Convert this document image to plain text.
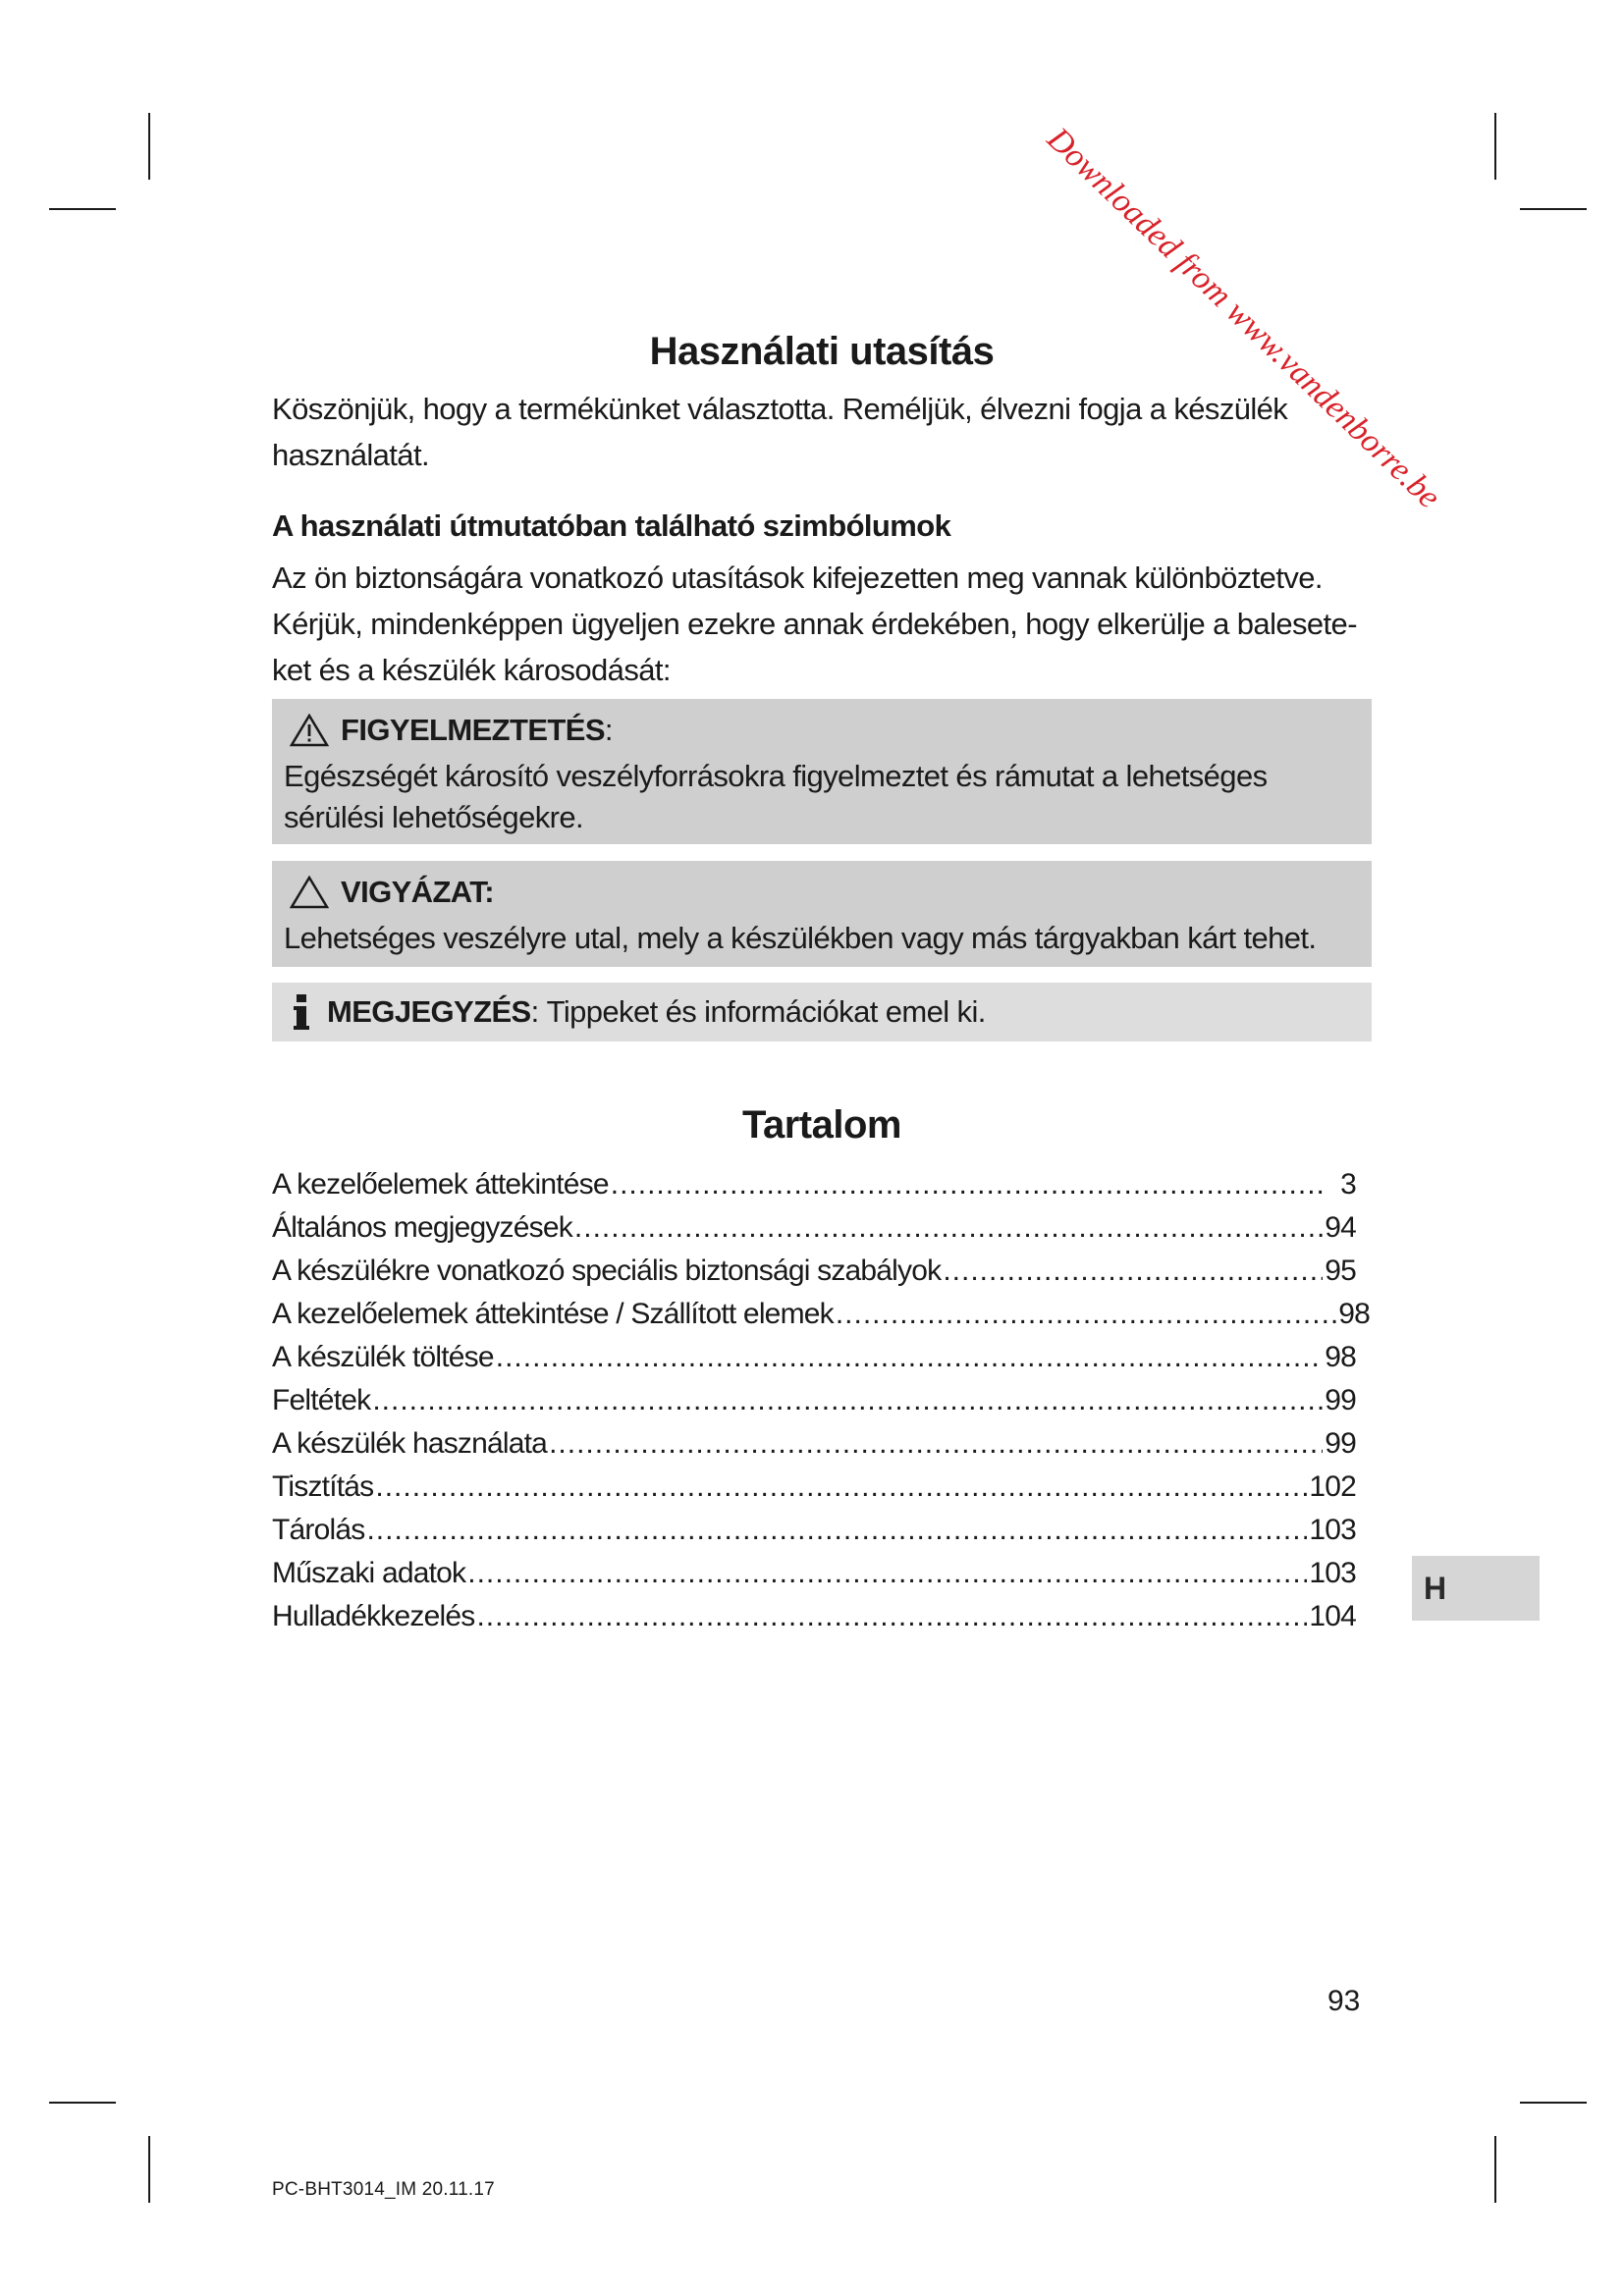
Downloaded from www.vandenborre.be
Használati utasítás
Köszönjük, hogy a termékünket választotta. Reméljük, élvezni fogja a készülék használatát.
A használati útmutatóban található szimbólumok
Az ön biztonságára vonatkozó utasítások kifejezetten meg vannak különböztetve. Kérjük, mindenképpen ügyeljen ezekre annak érdekében, hogy elkerülje a balesete-ket és a készülék károsodását:
FIGYELMEZTETÉS :
Egészségét károsító veszélyforrásokra figyelmeztet és rámutat a lehetséges sérülési lehetőségekre.
VIGYÁZAT:
Lehetséges veszélyre utal, mely a készülékben vagy más tárgyakban kárt tehet.
MEGJEGYZÉS :
Tippeket és információkat emel ki.
Tartalom
A kezelőelemek áttekintése .....	3
Általános megjegyzések .....	94
A készülékre vonatkozó speciális biztonsági szabályok .....	95
A kezelőelemek áttekintése / Szállított elemek .....	98
A készülék töltése .....	98
Feltétek .....	99
A készülék használata .....	99
Tisztítás .....	102
Tárolás .....	103
Műszaki adatok .....	103
Hulladékkezelés .....	104
H
93
PC-BHT3014_IM 20.11.17
